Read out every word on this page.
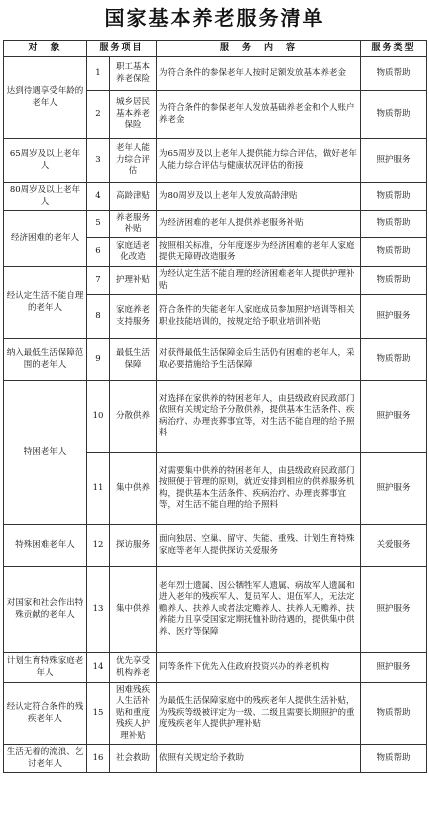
国家基本养老服务清单
对　象	服务项目		服　务　内　容	服务类型
达到待遇享受年龄的老年人	1	职工基本养老保险	为符合条件的参保老年人按时足额发放基本养老金	物质帮助
	2	城乡居民基本养老保险	为符合条件的参保老年人发放基础养老金和个人账户养老金	物质帮助
65周岁及以上老年人	3	老年人能力综合评估	为65周岁及以上老年人提供能力综合评估，做好老年人能力综合评估与健康状况评估的衔接	照护服务
80周岁及以上老年人	4	高龄津贴	为80周岁及以上老年人发放高龄津贴	物质帮助
经济困难的老年人	5	养老服务补贴	为经济困难的老年人提供养老服务补贴	物质帮助
	6	家庭适老化改造	按照相关标准，分年度逐步为经济困难的老年人家庭提供无障碍改造服务	物质帮助
经认定生活不能自理的老年人	7	护理补贴	为经认定生活不能自理的经济困难老年人提供护理补贴	物质帮助
	8	家庭养老支持服务	符合条件的失能老年人家庭成员参加照护培训等相关职业技能培训的，按规定给予职业培训补贴	照护服务
纳入最低生活保障范围的老年人	9	最低生活保障	对获得最低生活保障金后生活仍有困难的老年人，采取必要措施给予生活保障	物质帮助
特困老年人	10	分散供养	对选择在家供养的特困老年人，由县级政府民政部门依照有关规定给予分散供养，提供基本生活条件、疾病治疗、办理丧葬事宜等，对生活不能自理的给予照料	照护服务
	11	集中供养	对需要集中供养的特困老年人，由县级政府民政部门按照便于管理的原则，就近安排到相应的供养服务机构，提供基本生活条件、疾病治疗、办理丧葬事宜等，对生活不能自理的给予照料	照护服务
特殊困难老年人	12	探访服务	面向独居、空巢、留守、失能、重残、计划生育特殊家庭等老年人提供探访关爱服务	关爱服务
对国家和社会作出特殊贡献的老年人	13	集中供养	老年烈士遗属、因公牺牲军人遗属、病故军人遗属和进入老年的残疾军人、复员军人、退伍军人，无法定赡养人、扶养人或者法定赡养人、扶养人无赡养、扶养能力且享受国家定期抚恤补助待遇的，提供集中供养、医疗等保障	照护服务
计划生育特殊家庭老年人	14	优先享受机构养老	同等条件下优先入住政府投资兴办的养老机构	照护服务
经认定符合条件的残疾老年人	15	困难残疾人生活补贴和重度残疾人护理补贴	为最低生活保障家庭中的残疾老年人提供生活补贴，为残疾等级被评定为一级、二级且需要长期照护的重度残疾老年人提供护理补贴	物质帮助
生活无着的流浪、乞讨老年人	16	社会救助	依照有关规定给予救助	物质帮助
